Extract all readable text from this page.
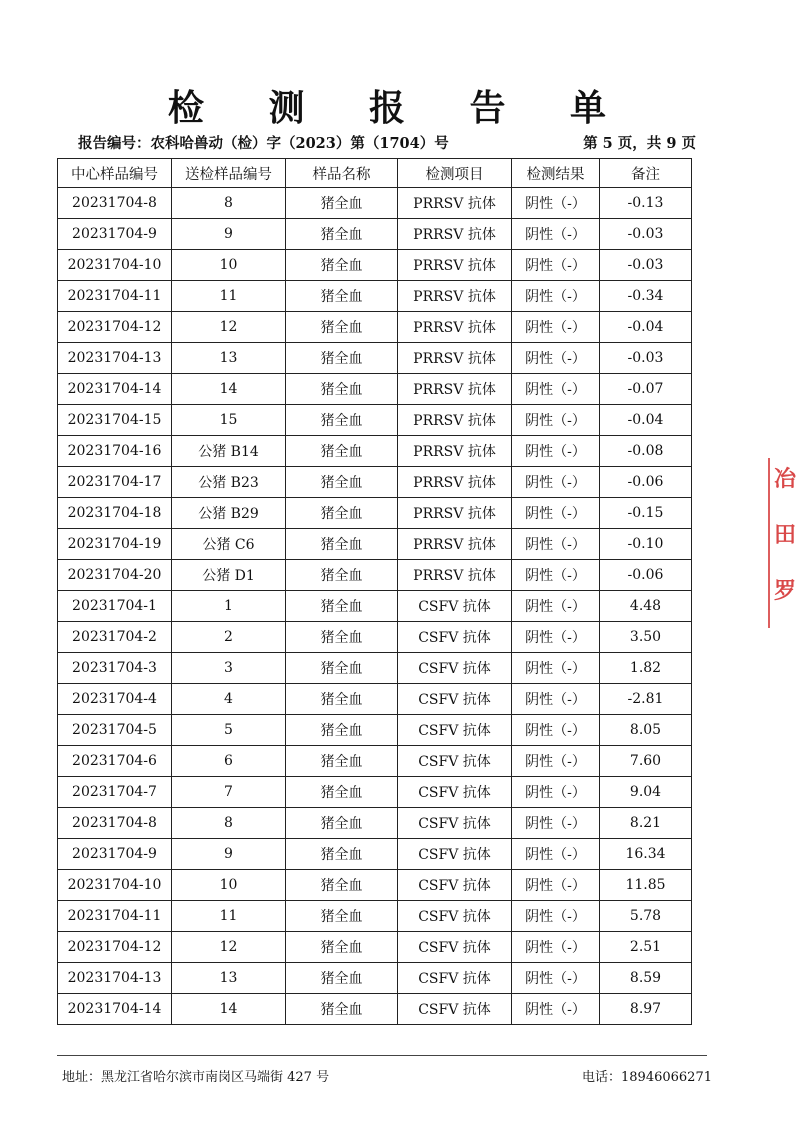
检 测 报 告 单
报告编号：农科哈兽动（检）字（2023）第（1704）号	第 5 页，共 9 页
中心样品编号	送检样品编号	样品名称	检测项目	检测结果	备注
20231704-8	8	猪全血	PRRSV 抗体	阴性（-）	-0.13
20231704-9	9	猪全血	PRRSV 抗体	阴性（-）	-0.03
20231704-10	10	猪全血	PRRSV 抗体	阴性（-）	-0.03
20231704-11	11	猪全血	PRRSV 抗体	阴性（-）	-0.34
20231704-12	12	猪全血	PRRSV 抗体	阴性（-）	-0.04
20231704-13	13	猪全血	PRRSV 抗体	阴性（-）	-0.03
20231704-14	14	猪全血	PRRSV 抗体	阴性（-）	-0.07
20231704-15	15	猪全血	PRRSV 抗体	阴性（-）	-0.04
20231704-16	公猪 B14	猪全血	PRRSV 抗体	阴性（-）	-0.08
20231704-17	公猪 B23	猪全血	PRRSV 抗体	阴性（-）	-0.06
20231704-18	公猪 B29	猪全血	PRRSV 抗体	阴性（-）	-0.15
20231704-19	公猪 C6	猪全血	PRRSV 抗体	阴性（-）	-0.10
20231704-20	公猪 D1	猪全血	PRRSV 抗体	阴性（-）	-0.06
20231704-1	1	猪全血	CSFV 抗体	阴性（-）	4.48
20231704-2	2	猪全血	CSFV 抗体	阴性（-）	3.50
20231704-3	3	猪全血	CSFV 抗体	阴性（-）	1.82
20231704-4	4	猪全血	CSFV 抗体	阴性（-）	-2.81
20231704-5	5	猪全血	CSFV 抗体	阴性（-）	8.05
20231704-6	6	猪全血	CSFV 抗体	阴性（-）	7.60
20231704-7	7	猪全血	CSFV 抗体	阴性（-）	9.04
20231704-8	8	猪全血	CSFV 抗体	阴性（-）	8.21
20231704-9	9	猪全血	CSFV 抗体	阴性（-）	16.34
20231704-10	10	猪全血	CSFV 抗体	阴性（-）	11.85
20231704-11	11	猪全血	CSFV 抗体	阴性（-）	5.78
20231704-12	12	猪全血	CSFV 抗体	阴性（-）	2.51
20231704-13	13	猪全血	CSFV 抗体	阴性（-）	8.59
20231704-14	14	猪全血	CSFV 抗体	阴性（-）	8.97
地址：黑龙江省哈尔滨市南岗区马端街 427 号	电话：18946066271
冶
田
罗
